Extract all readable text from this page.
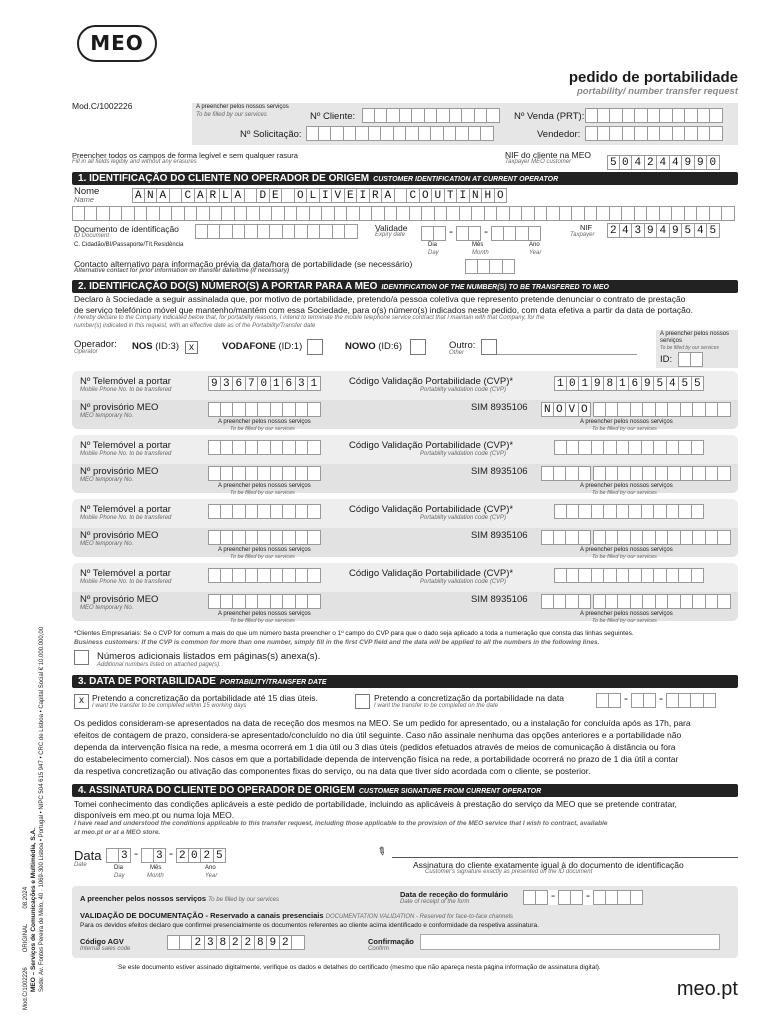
MEO
Mod.C/1002226
pedido de portabilidade
portability/ number transfer request
A preencher pelos nossos serviços
To be filled by our services	Nº Cliente:	Nº Venda (PRT):
Nº Solicitação:	Vendedor:
Preencher todos os campos de forma legível e sem qualquer rasura
Fill in all fields legibly and without any erasures
NIF do cliente na MEO
Taxpayer MEO customer	5 0 4 2 4 4 9 9 0
1. IDENTIFICAÇÃO DO CLIENTE NO OPERADOR DE ORIGEM CUSTOMER IDENTIFICATION AT CURRENT OPERATOR
Nome
Name	A N A	C A R L A	D E	O L I V E I R A	C O U T I N H O
Documento de identificação
ID Document
C. Cidadão/BI/Passaporte/Tít.Residência
Validade
Expiry date	-	-
Dia
Day
Mês
Month
Ano
Year
NIF
Taxpayer 2 4 3 9 4 9 5 4 5
Contacto alternativo para informação prévia da data/hora de portabilidade (se necessário)
Alternative contact for prior information on transfer date/time (if necessary)
2. IDENTIFICAÇÃO DO(S) NÚMERO(S) A PORTAR PARA A MEO IDENTIFICATION OF THE NUMBER(S) TO BE TRANSFERED TO MEO
Declaro à Sociedade a seguir assinalada que, por motivo de portabilidade, pretendo/a pessoa coletiva que represento pretende denunciar o contrato de prestação
de serviço telefónico móvel que mantenho/mantém com essa Sociedade, para o(s) número(s) indicados neste pedido, com data efetiva a partir da data de portação.
I hereby declare to the Company indicated below that, for portability reasons, I intend to terminate the mobile telephone service contract that I maintain with that Company, for the
number(s) indicated in this request, with an effective date as of the Portability/Transfer date
Operador:
Operator	NOS (ID:3)	x	VODAFONE (ID:1)	NOWO (ID:6)	Outro:
Other
A preencher pelos nossos serviços
To be filled by our services
ID:
Nº Telemóvel a portar
Mobile Phone No. to be transfered	9 3 6 7 0 1 6 3 1	Código Validação Portabilidade (CVP)*
Portability validation code (CVP)	1 0 1 9 8 1 6 9 5 4 5 5
Nº provisório MEO
MEO temporary No.
A preencher pelos nossos serviços
To be filled by our services
SIM 8935106 N O V O
A preencher pelos nossos serviços
To be filled by our services
Nº Telemóvel a portar
Mobile Phone No. to be transfered
Código Validação Portabilidade (CVP)*
Portability validation code (CVP)
Nº provisório MEO
MEO temporary No.
A preencher pelos nossos serviços
To be filled by our services
SIM 8935106
A preencher pelos nossos serviços
To be filled by our services
Nº Telemóvel a portar
Mobile Phone No. to be transfered
Código Validação Portabilidade (CVP)*
Portability validation code (CVP)
Nº provisório MEO
MEO temporary No.
A preencher pelos nossos serviços
To be filled by our services
SIM 8935106
A preencher pelos nossos serviços
To be filled by our services
Nº Telemóvel a portar
Mobile Phone No. to be transfered
Código Validação Portabilidade (CVP)*
Portability validation code (CVP)
Nº provisório MEO
MEO temporary No.
A preencher pelos nossos serviços
To be filled by our services
SIM 8935106
A preencher pelos nossos serviços
To be filled by our services
*Clientes Empresariais: Se o CVP for comum a mais do que um número basta preencher o 1º campo do CVP para que o dado seja aplicado a toda a numeração que consta das linhas seguintes.
Business customers: If the CVP is common for more than one number, simply fill in the first CVP field and the data will be applied to all the numbers in the following lines.
Números adicionais listados em páginas(s) anexa(s).
Additional numbers listed on attached page(s).
3. DATA DE PORTABILIDADE PORTABILITY/TRANSFER DATE
x Pretendo a concretização da portabilidade até 15 dias úteis.
I want the transfer to be completed within 15 working days
Pretendo a concretização da portabilidade na data
I want the transfer to be completed on the date	-	-
Os pedidos consideram-se apresentados na data de receção dos mesmos na MEO. Se um pedido for apresentado, ou a instalação for concluída após as 17h, para
efeitos de contagem de prazo, considera-se apresentado/concluído no dia útil seguinte. Caso não assinale nenhuma das opções anteriores e a portabilidade não
dependa da intervenção física na rede, a mesma ocorrerá em 1 dia útil ou 3 dias úteis (pedidos efetuados através de meios de comunicação à distância ou fora
do estabelecimento comercial). Nos casos em que a portabilidade dependa de intervenção física na rede, a portabilidade ocorrerá no prazo de 1 dia útil a contar
da respetiva concretização ou ativação das componentes fixas do serviço, ou na data que tiver sido acordada com o cliente, se posterior.
4. ASSINATURA DO CLIENTE DO OPERADOR DE ORIGEM CUSTOMER SIGNATURE FROM CURRENT OPERATOR
Tomei conhecimento das condições aplicáveis a este pedido de portabilidade, incluindo as aplicáveis à prestação do serviço da MEO que se pretende contratar,
disponíveis em meo.pt ou numa loja MEO.
I have read and understood the conditions applicable to this transfer request, including those applicable to the provision of the MEO service that I wish to contract, available
at meo.pt or at a MEO store.
Data
Date
3 - 3 - 2 0 2 5
Dia
Day
Mês
Month
Ano
Year
✎
Assinatura do cliente exatamente igual à do documento de identificação
Customer's signature exactly as presented on the ID document
A preencher pelos nossos serviços To be filled by our services
Data de receção do formulário
Date of receipt of the form	-	-
VALIDAÇÃO DE DOCUMENTAÇÃO - Reservado a canais presenciais DOCUMENTATION VALIDATION - Reserved for face-to-face channels
Para os devidos efeitos declaro que confirmei presencialmente os documentos referentes ao cliente acima identificado e conformidade da respetiva assinatura.
Código AGV
Internal sales code	2 3 8 2 2 8 9 2	Confirmação
Confirm
Se este documento estiver assinado digitalmente, verifique os dados e detalhes do certificado (mesmo que não apareça nesta página informação de assinatura digital).
meo.pt
Mod.C/1002226         ORIGINAL         08.2024 MEO – Serviços de Comunicações e Multimédia, S.A. Sede: Av. Fontes Pereira de Melo, 40 · 1069-300 Lisboa • Portugal • NIPC 504 615 947 • CRC de Lisboa • Capital Social € 10.000.000,00
